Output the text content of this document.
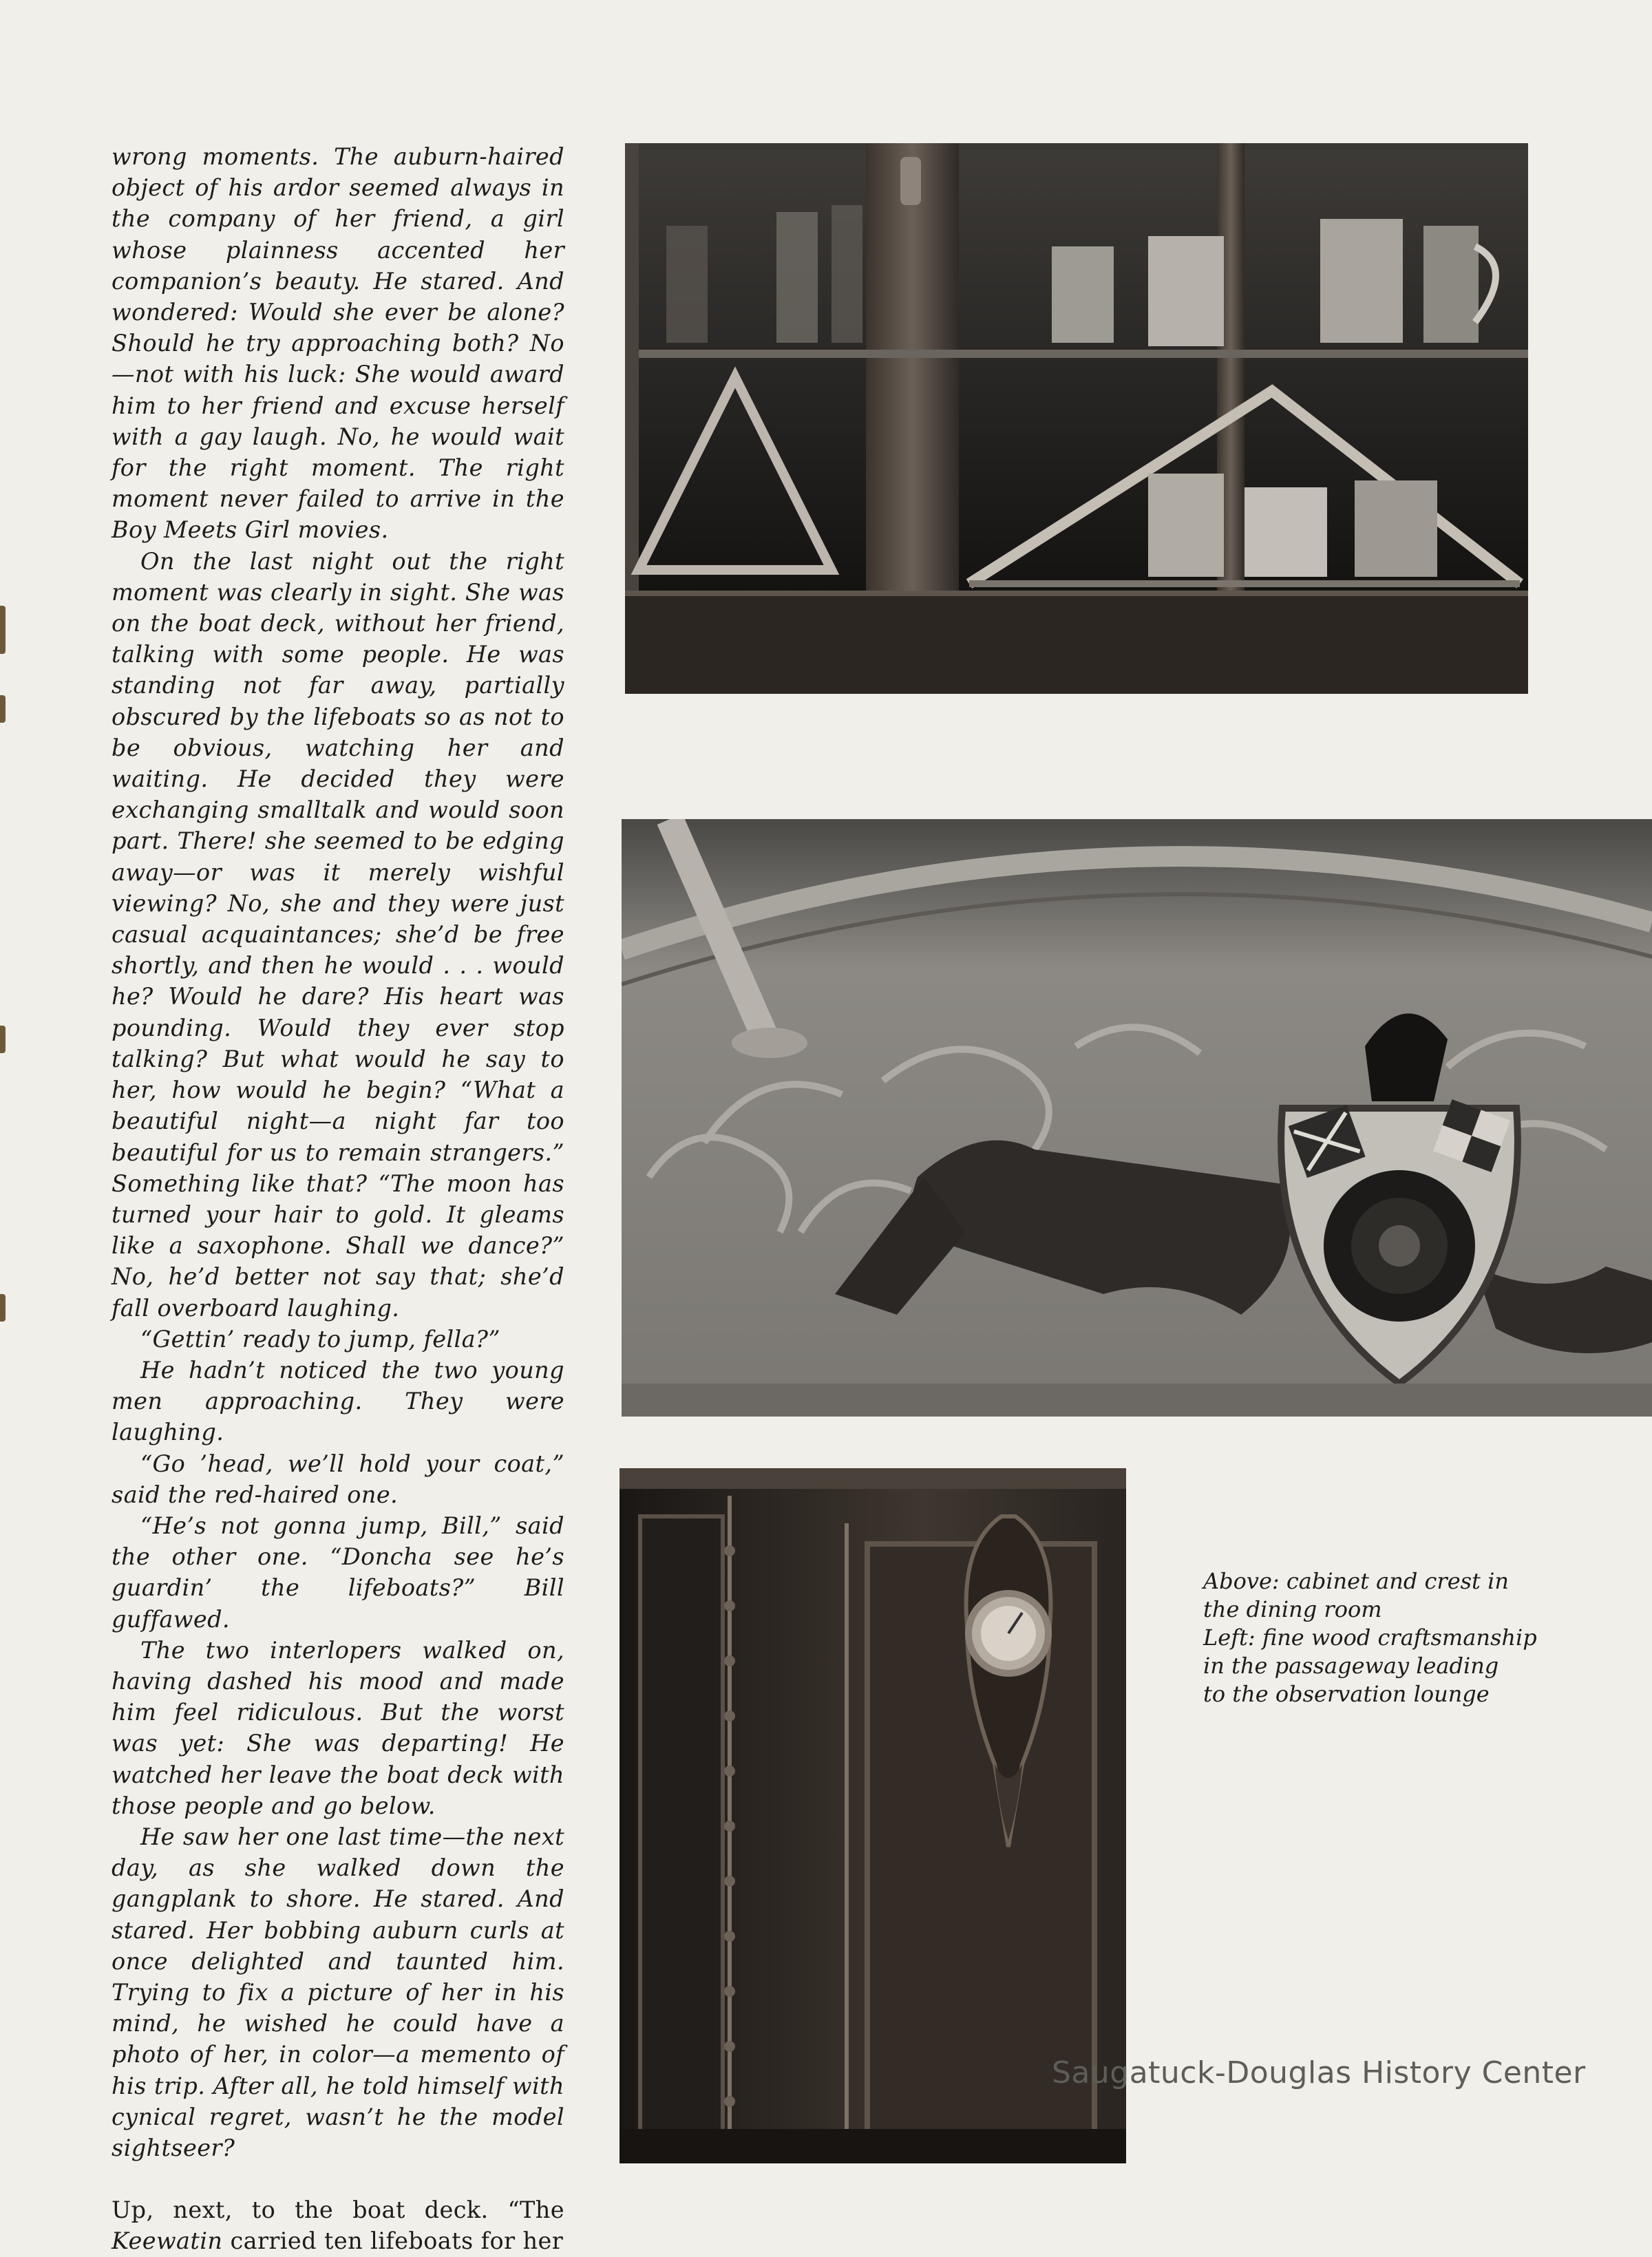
wrong moments. The auburn-haired object of his ardor seemed always in the company of her friend, a girl whose plainness accented her companion’s beauty. He stared. And wondered: Would she ever be alone? Should he try approaching both? No—not with his luck: She would award him to her friend and excuse herself with a gay laugh. No, he would wait for the right moment. The right moment never failed to arrive in the Boy Meets Girl movies.

On the last night out the right moment was clearly in sight. She was on the boat deck, without her friend, talking with some people. He was standing not far away, partially obscured by the lifeboats so as not to be obvious, watching her and waiting. He decided they were exchanging smalltalk and would soon part. There! she seemed to be edging away—or was it merely wishful viewing? No, she and they were just casual acquaintances; she’d be free shortly, and then he would . . . would he? Would he dare? His heart was pounding. Would they ever stop talking? But what would he say to her, how would he begin? “What a beautiful night—a night far too beautiful for us to remain strangers.” Something like that? “The moon has turned your hair to gold. It gleams like a saxophone. Shall we dance?” No, he’d better not say that; she’d fall overboard laughing.

“Gettin’ ready to jump, fella?”

He hadn’t noticed the two young men approaching. They were laughing.

“Go ’head, we’ll hold your coat,” said the red-haired one.

“He’s not gonna jump, Bill,” said the other one. “Doncha see he’s guardin’ the lifeboats?” Bill guffawed.

The two interlopers walked on, having dashed his mood and made him feel ridiculous. But the worst was yet: She was departing! He watched her leave the boat deck with those people and go below.

He saw her one last time—the next day, as she walked down the gangplank to shore. He stared. And stared. Her bobbing auburn curls at once delighted and taunted him. Trying to fix a picture of her in his mind, he wished he could have a photo of her, in color—a memento of his trip. After all, he told himself with cynical regret, wasn’t he the model sightseer?

Up, next, to the boat deck. “The Keewatin carried ten lifeboats for her

Above: cabinet and crest in
the dining room
Left: fine wood craftsmanship
in the passageway leading
to the observation lounge
Saugatuck-Douglas History Center
